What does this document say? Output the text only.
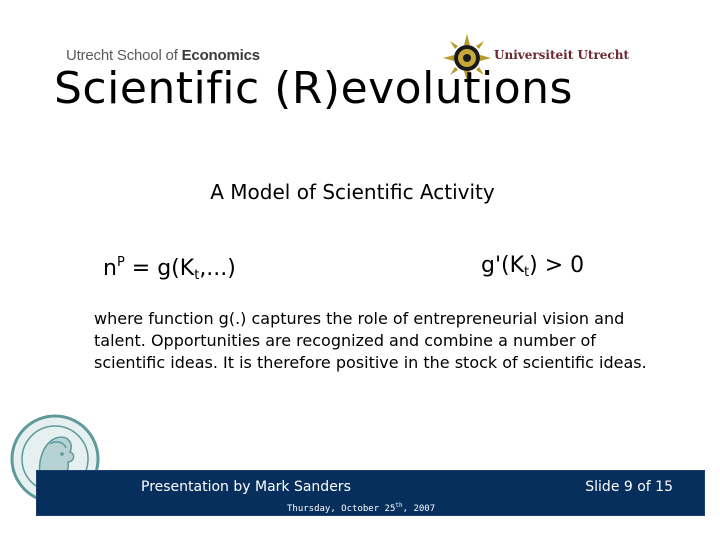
Utrecht School of Economics	Universiteit Utrecht
Scientific (R)evolutions
A Model of Scientific Activity
$n^P = g(K_t,...)$	$g'(K_t) > 0$
where function g(.) captures the role of entrepreneurial vision and talent. Opportunities are recognized and combine a number of scientific ideas. It is therefore positive in the stock of scientific ideas.
Presentation by Mark Sanders	Slide 9 of 15
Thursday, October 25th, 2007
